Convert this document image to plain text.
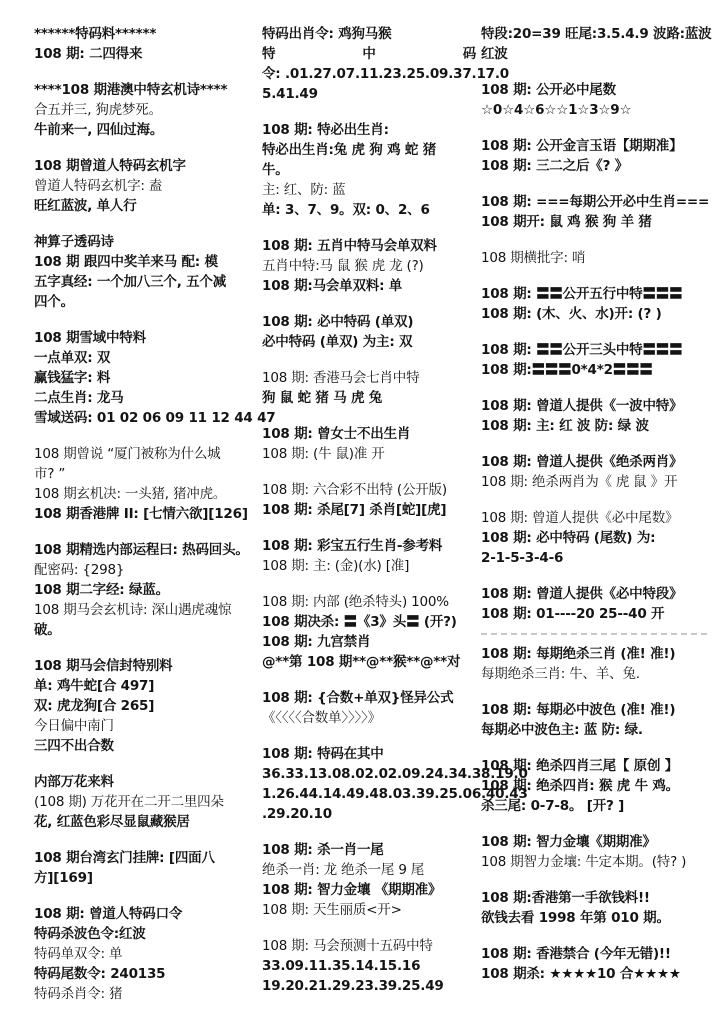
******特码料******
108 期: 二四得来
****108 期港澳中特玄机诗****
合五并三, 狗虎梦死。
牛前来一, 四仙过海。
108 期曾道人特码玄机字
曾道人特码玄机字: 盍
旺红蓝波, 单人行
神算子透码诗
108 期 跟四中奖羊来马 配: 模
五字真经: 一个加八三个, 五个减
四个。
108 期雪域中特料
一点单双: 双
赢钱猛字: 料
二点生肖: 龙马
雪域送码: 01 02 06 09 11 12 44 47
108 期曾说 “厦门被称为什么城
市? ”
108 期玄机决: 一头猪, 猪冲虎。
108 期香港牌 II: [七情六欲][126]
108 期精选内部运程曰: 热码回头。
配密码: {298}
108 期二字经: 绿蓝。
108 期马会玄机诗: 深山遇虎魂惊
破。
108 期马会信封特别料
单: 鸡牛蛇[合 497]
双: 虎龙狗[合 265]
今日偏中南门
三四不出合数
内部万花来料
(108 期) 万花开在二开二里四朵
花, 红蓝色彩尽显鼠藏猴居
108 期台湾玄门挂牌: [四面八
方][169]
108 期: 曾道人特码口令
特码杀波色令:红波
特码单双令: 单
特码尾数令: 240135
特码杀肖令: 猪
特码出肖令: 鸡狗马猴
特	中	码
令: .01.27.07.11.23.25.09.37.17.0
5.41.49
108 期: 特必出生肖:
特必出生肖:兔 虎 狗 鸡 蛇 猪
牛。
主: 红、防: 蓝
单: 3、7、9。双: 0、2、6
108 期: 五肖中特马会单双料
五肖中特:马 鼠 猴 虎 龙 (?)
108 期:马会单双料: 单
108 期: 必中特码 (单双)
必中特码 (单双) 为主: 双
108 期: 香港马会七肖中特
狗 鼠 蛇 猪 马 虎 兔
108 期: 曾女士不出生肖
108 期: (牛 鼠)准 开
108 期: 六合彩不出特 (公开版)
108 期: 杀尾[7] 杀肖[蛇][虎]
108 期: 彩宝五行生肖-参考料
108 期: 主: (金)(水) [准]
108 期: 内部 (绝杀特头) 100%
108 期决杀: 〓《3》头〓 (开?)
108 期: 九宫禁肖
@**第 108 期**@**猴**@**对
108 期: {合数+单双}怪异公式
《〈〈〈〈合数单〉〉〉〉》
108 期: 特码在其中
36.33.13.08.02.02.09.24.34.38.19.0
1.26.44.14.49.48.03.39.25.06.40.43
.29.20.10
108 期: 杀一肖一尾
绝杀一肖: 龙 绝杀一尾 9 尾
108 期: 智力金壤 《期期准》
108 期: 天生丽质<开>
108 期: 马会预测十五码中特
33.09.11.35.14.15.16
19.20.21.29.23.39.25.49
特段:20=39 旺尾:3.5.4.9 波路:蓝波
红波
108 期: 公开必中尾数
☆0☆4☆6☆☆1☆3☆9☆
108 期: 公开金言玉语【期期准】
108 期: 三二之后《? 》
108 期: ===每期公开必中生肖===
108 期开: 鼠 鸡 猴 狗 羊 猪
108 期横批字: 哨
108 期: 〓〓公开五行中特〓〓〓
108 期: (木、火、水)开: (? )
108 期: 〓〓公开三头中特〓〓〓
108 期:〓〓〓0*4*2〓〓〓
108 期: 曾道人提供《一波中特》
108 期: 主: 红 波 防: 绿 波
108 期: 曾道人提供《绝杀两肖》
108 期: 绝杀两肖为《 虎 鼠 》开
108 期: 曾道人提供《必中尾数》
108 期: 必中特码 (尾数) 为:
2-1-5-3-4-6
108 期: 曾道人提供《必中特段》
108 期: 01----20 25--40 开
108 期: 每期绝杀三肖 (准! 准!)
每期绝杀三肖: 牛、羊、兔.
108 期: 每期必中波色 (准! 准!)
每期必中波色主: 蓝 防: 绿.
108 期: 绝杀四肖三尾【 原创 】
108 期: 绝杀四肖: 猴 虎 牛 鸡。
杀三尾: 0-7-8。 [开? ]
108 期: 智力金壤《期期准》
108 期智力金壤: 牛定本期。(特? )
108 期:香港第一手欲钱料!!
欲钱去看 1998 年第 010 期。
108 期: 香港禁合 (今年无错)!!
108 期杀: ★★★★10 合★★★★
